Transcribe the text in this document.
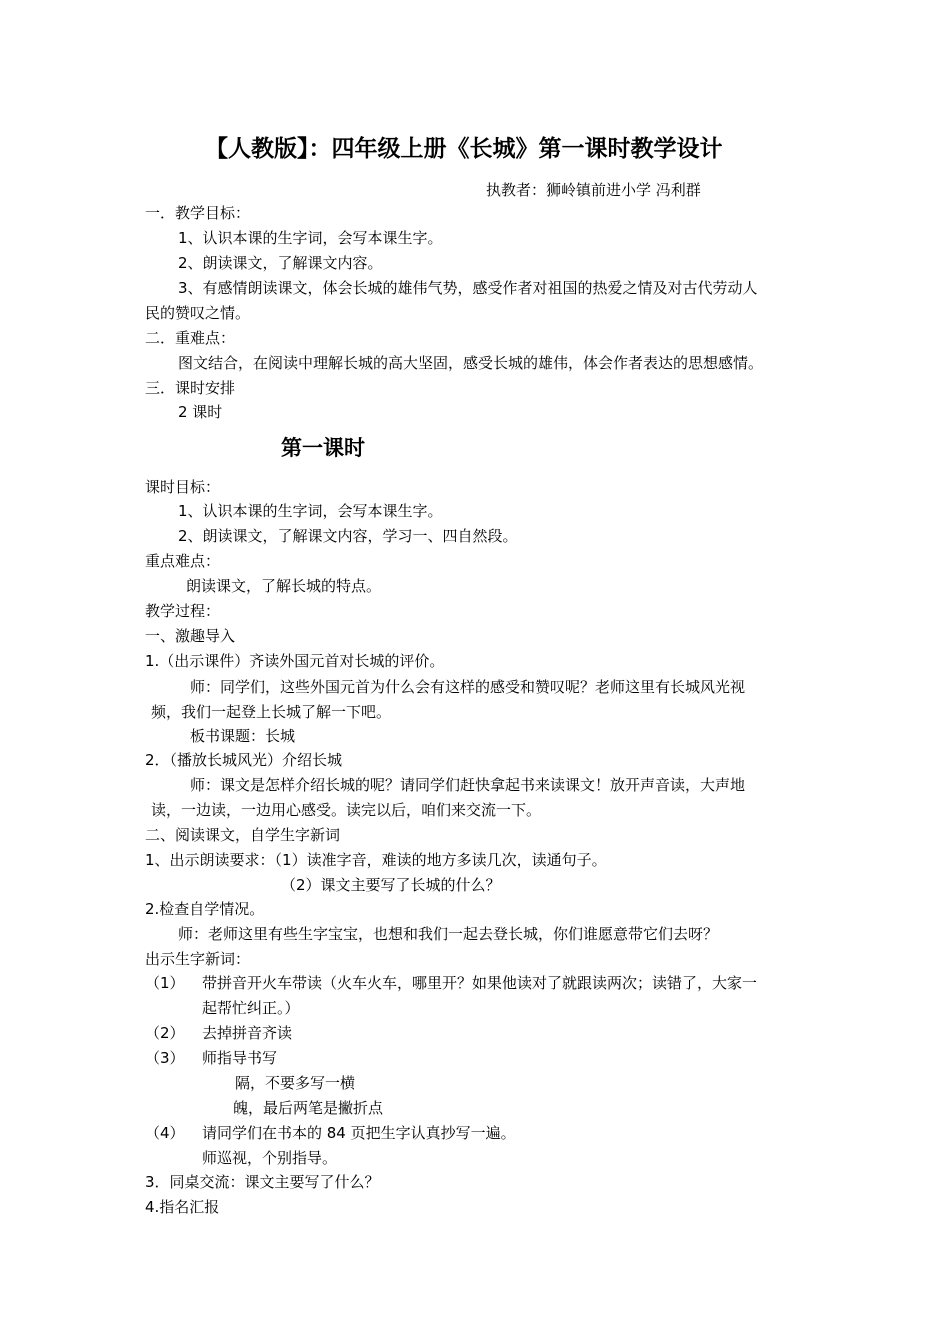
【人教版】：四年级上册《长城》第一课时教学设计
执教者：狮岭镇前进小学 冯利群
一．教学目标：
1、认识本课的生字词，会写本课生字。
2、朗读课文，了解课文内容。
3、有感情朗读课文，体会长城的雄伟气势，感受作者对祖国的热爱之情及对古代劳动人
民的赞叹之情。
二．重难点：
图文结合，在阅读中理解长城的高大坚固，感受长城的雄伟，体会作者表达的思想感情。
三．课时安排
2 课时
第一课时
课时目标：
1、认识本课的生字词，会写本课生字。
2、朗读课文，了解课文内容，学习一、四自然段。
重点难点：
朗读课文，了解长城的特点。
教学过程：
一、激趣导入
1.（出示课件）齐读外国元首对长城的评价。
师：同学们，这些外国元首为什么会有这样的感受和赞叹呢？老师这里有长城风光视
频，我们一起登上长城了解一下吧。
板书课题：长城
2．（播放长城风光）介绍长城
师：课文是怎样介绍长城的呢？请同学们赶快拿起书来读课文！放开声音读，大声地
读，一边读，一边用心感受。读完以后，咱们来交流一下。
二、阅读课文，自学生字新词
1、出示朗读要求：（1）读准字音，难读的地方多读几次，读通句子。
（2）课文主要写了长城的什么？
2.检查自学情况。
师：老师这里有些生字宝宝，也想和我们一起去登长城，你们谁愿意带它们去呀？
出示生字新词：
（1） 带拼音开火车带读（火车火车，哪里开？如果他读对了就跟读两次；读错了，大家一
起帮忙纠正。）
（2） 去掉拼音齐读
（3） 师指导书写
隔，不要多写一横
魄，最后两笔是撇折点
（4） 请同学们在书本的 84 页把生字认真抄写一遍。
师巡视，个别指导。
3．同桌交流：课文主要写了什么？
4.指名汇报
